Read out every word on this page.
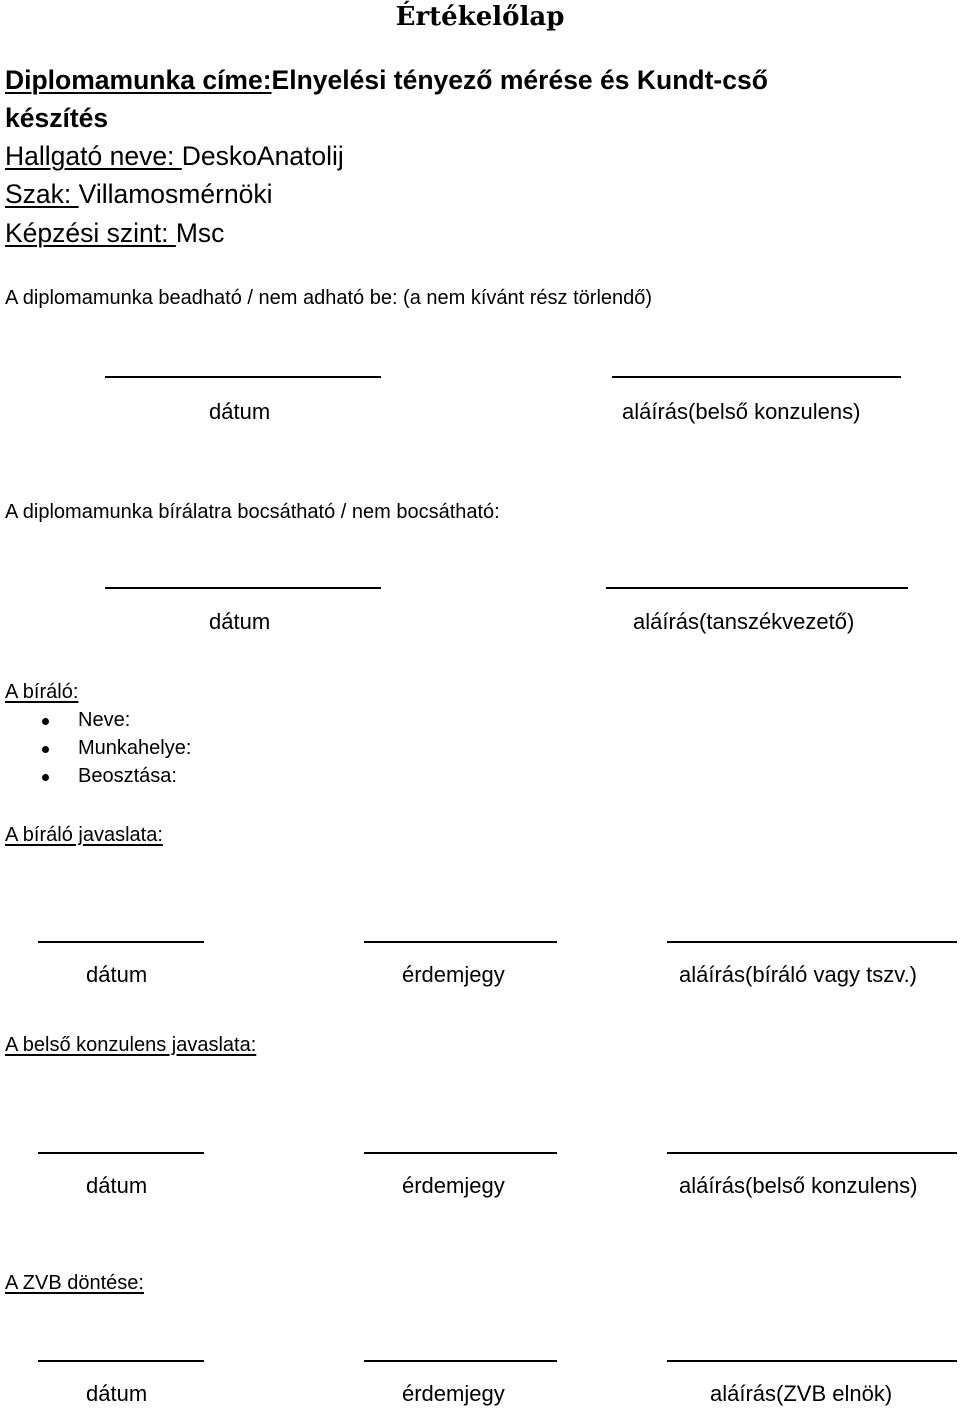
Értékelőlap
Diplomamunka címe:Elnyelési tényező mérése és Kundt-cső
készítés
Hallgató neve: DeskoAnatolij
Szak: Villamosmérnöki
Képzési szint: Msc
A diplomamunka beadható / nem adható be: (a nem kívánt rész törlendő)
dátum	aláírás(belső konzulens)
A diplomamunka bírálatra bocsátható / nem bocsátható:
dátum	aláírás(tanszékvezető)
A bíráló:
Neve:
Munkahelye:
Beosztása:
A bíráló javaslata:
dátum	érdemjegy	aláírás(bíráló vagy tszv.)
A belső konzulens javaslata:
dátum	érdemjegy	aláírás(belső konzulens)
A ZVB döntése:
dátum	érdemjegy	aláírás(ZVB elnök)
